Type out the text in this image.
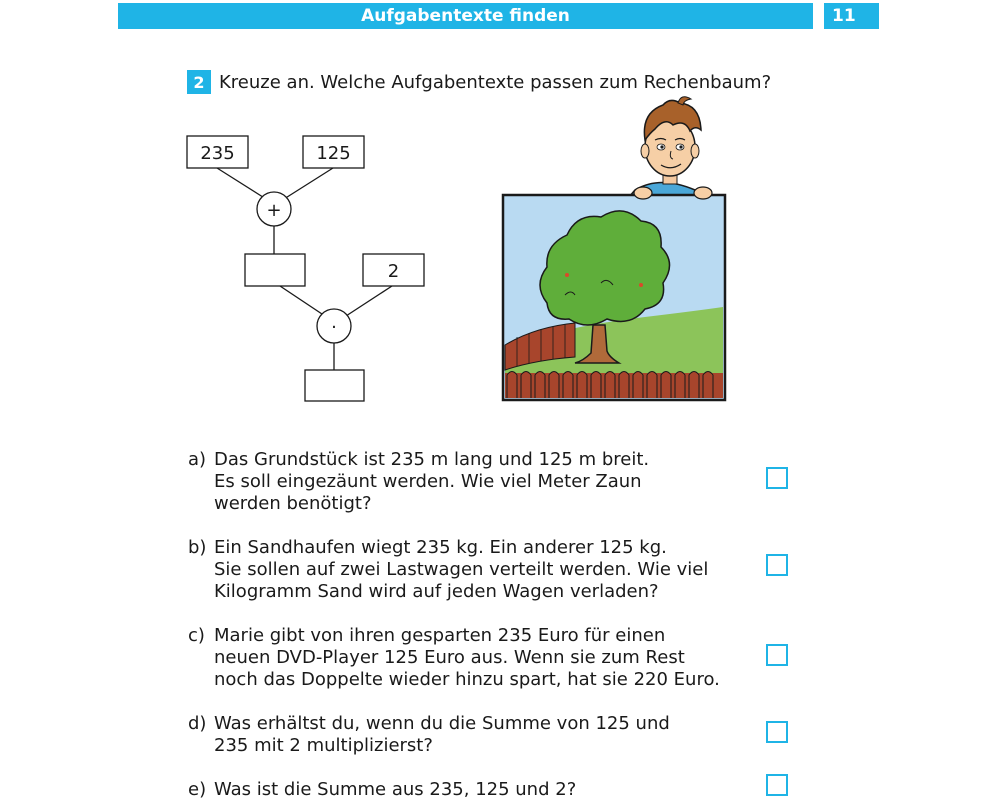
Aufgabentexte finden	11
2 Kreuze an. Welche Aufgabentexte passen zum Rechenbaum?
235	125
+
2
·
a) Das Grundstück ist 235 m lang und 125 m breit.
Es soll eingezäunt werden. Wie viel Meter Zaun
werden benötigt?
b) Ein Sandhaufen wiegt 235 kg. Ein anderer 125 kg.
Sie sollen auf zwei Lastwagen verteilt werden. Wie viel
Kilogramm Sand wird auf jeden Wagen verladen?
c) Marie gibt von ihren gesparten 235 Euro für einen
neuen DVD-Player 125 Euro aus. Wenn sie zum Rest
noch das Doppelte wieder hinzu spart, hat sie 220 Euro.
d) Was erhältst du, wenn du die Summe von 125 und
235 mit 2 multiplizierst?
e) Was ist die Summe aus 235, 125 und 2?
